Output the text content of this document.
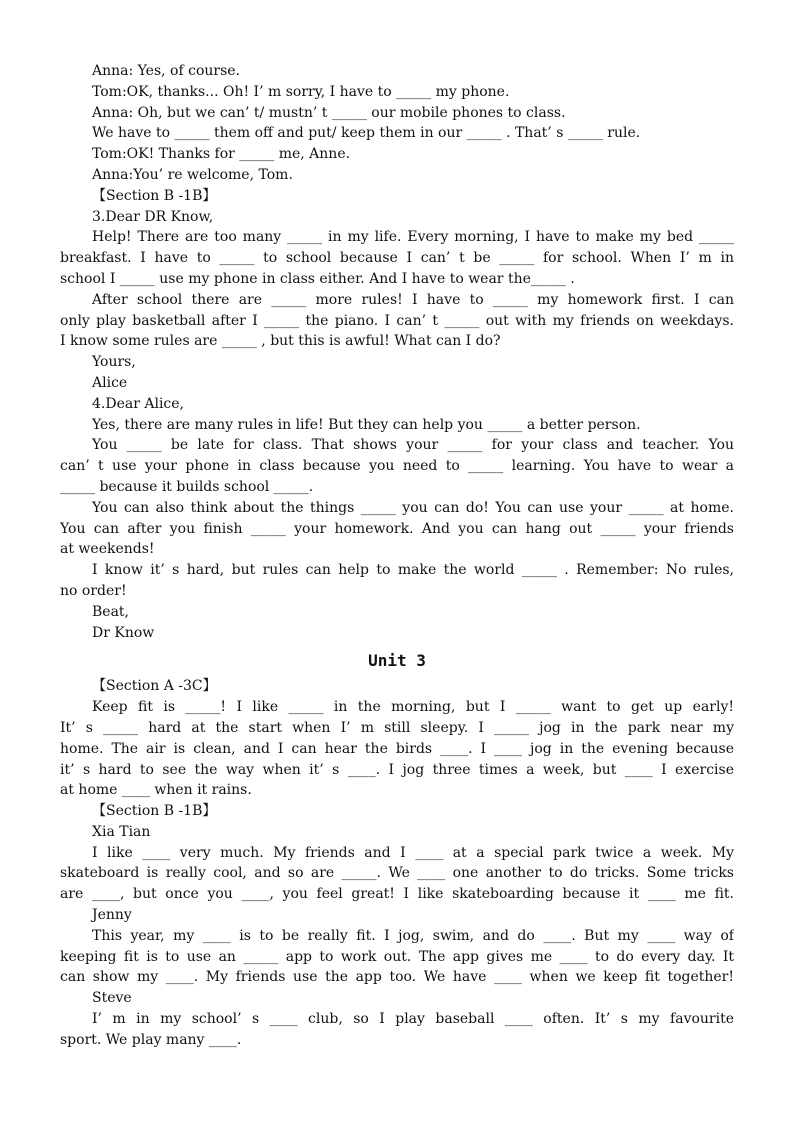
Anna: Yes, of course.
Tom:OK, thanks... Oh! I’ m sorry, I have to _____ my phone.
Anna: Oh, but we can’ t/ mustn’ t _____ our mobile phones to class.
We have to _____ them off and put/ keep them in our _____ . That’ s _____ rule.
Tom:OK! Thanks for _____ me, Anne.
Anna:You’ re welcome, Tom.
【Section B -1B】
3.Dear DR Know,
Help! There are too many _____ in my life. Every morning, I have to make my bed _____
breakfast. I have to _____ to school because I can’ t be _____ for school. When I’ m in
school I _____ use my phone in class either. And I have to wear the_____ .
After school there are _____ more rules! I have to _____ my homework first. I can
only play basketball after I _____ the piano. I can’ t _____ out with my friends on weekdays.
I know some rules are _____ , but this is awful! What can I do?
Yours,
Alice
4.Dear Alice,
Yes, there are many rules in life! But they can help you _____ a better person.
You _____ be late for class. That shows your _____ for your class and teacher. You
can’ t use your phone in class because you need to _____ learning. You have to wear a
_____ because it builds school _____.
You can also think about the things _____ you can do! You can use your _____ at home.
You can after you finish _____ your homework. And you can hang out _____ your friends
at weekends!
I know it’ s hard, but rules can help to make the world _____ . Remember: No rules,
no order!
Beat,
Dr Know
Unit 3
【Section A -3C】
Keep fit is _____! I like _____ in the morning, but I _____ want to get up early!
It’ s _____ hard at the start when I’ m still sleepy. I _____ jog in the park near my
home. The air is clean, and I can hear the birds ____. I ____ jog in the evening because
it’ s hard to see the way when it’ s ____. I jog three times a week, but ____ I exercise
at home ____ when it rains.
【Section B -1B】
Xia Tian
I like ____ very much. My friends and I ____ at a special park twice a week. My
skateboard is really cool, and so are _____. We ____ one another to do tricks. Some tricks
are ____, but once you ____, you feel great! I like skateboarding because it ____ me fit.
Jenny
This year, my ____ is to be really fit. I jog, swim, and do ____. But my ____ way of
keeping fit is to use an _____ app to work out. The app gives me ____ to do every day. It
can show my ____. My friends use the app too. We have ____ when we keep fit together!
Steve
I’ m in my school’ s ____ club, so I play baseball ____ often. It’ s my favourite
sport. We play many ____.
